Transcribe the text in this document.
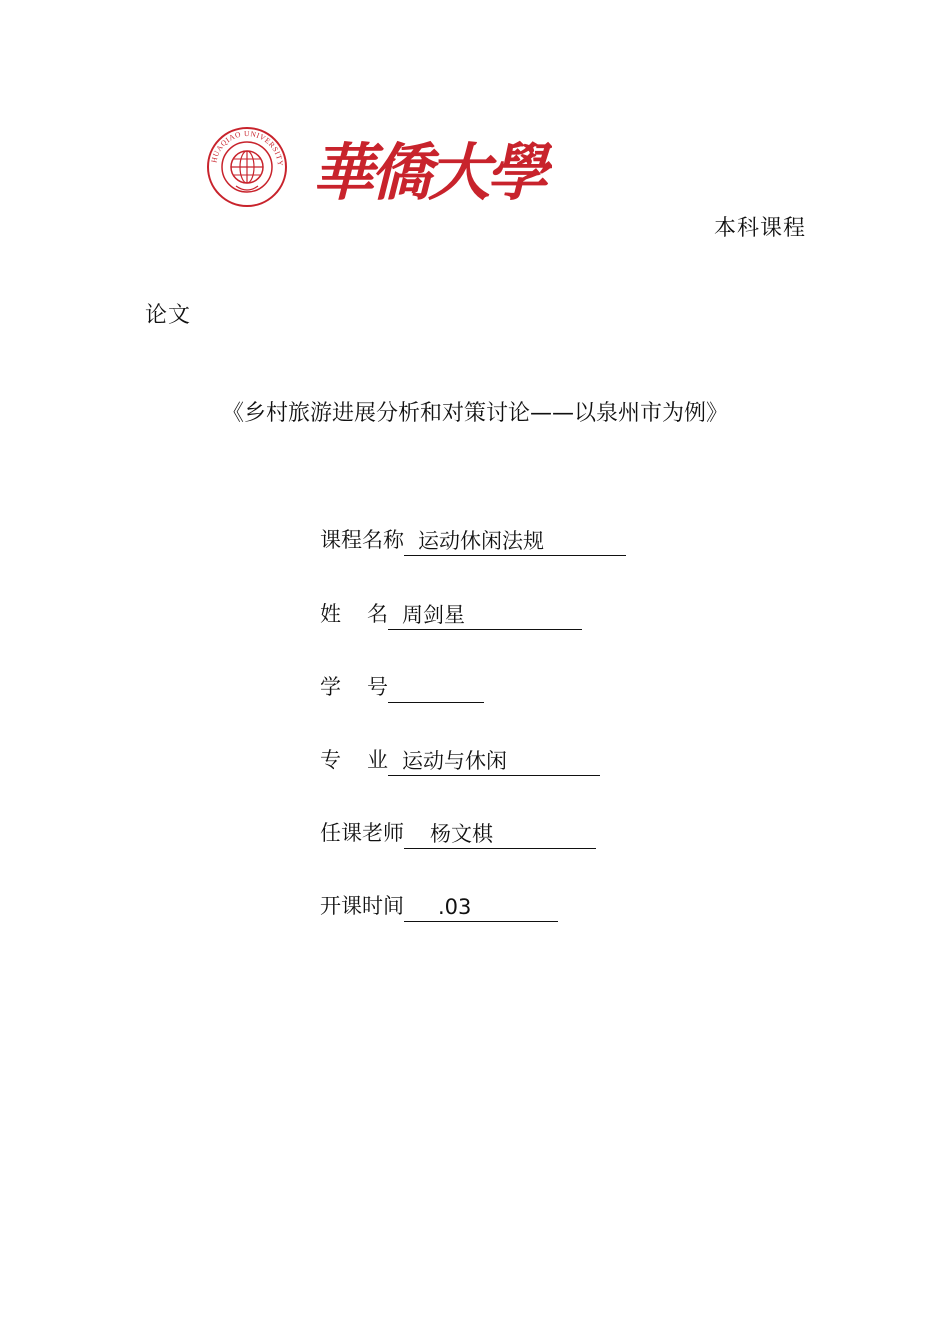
HUAQIAO UNIVERSITY 華僑大學
本科课程
论文
《乡村旅游进展分析和对策讨论——以泉州市为例》
课程名称 运动休闲法规
姓名
周剑星
学号
专业
运动与休闲
任课老师	杨文棋
开课时间	.03
